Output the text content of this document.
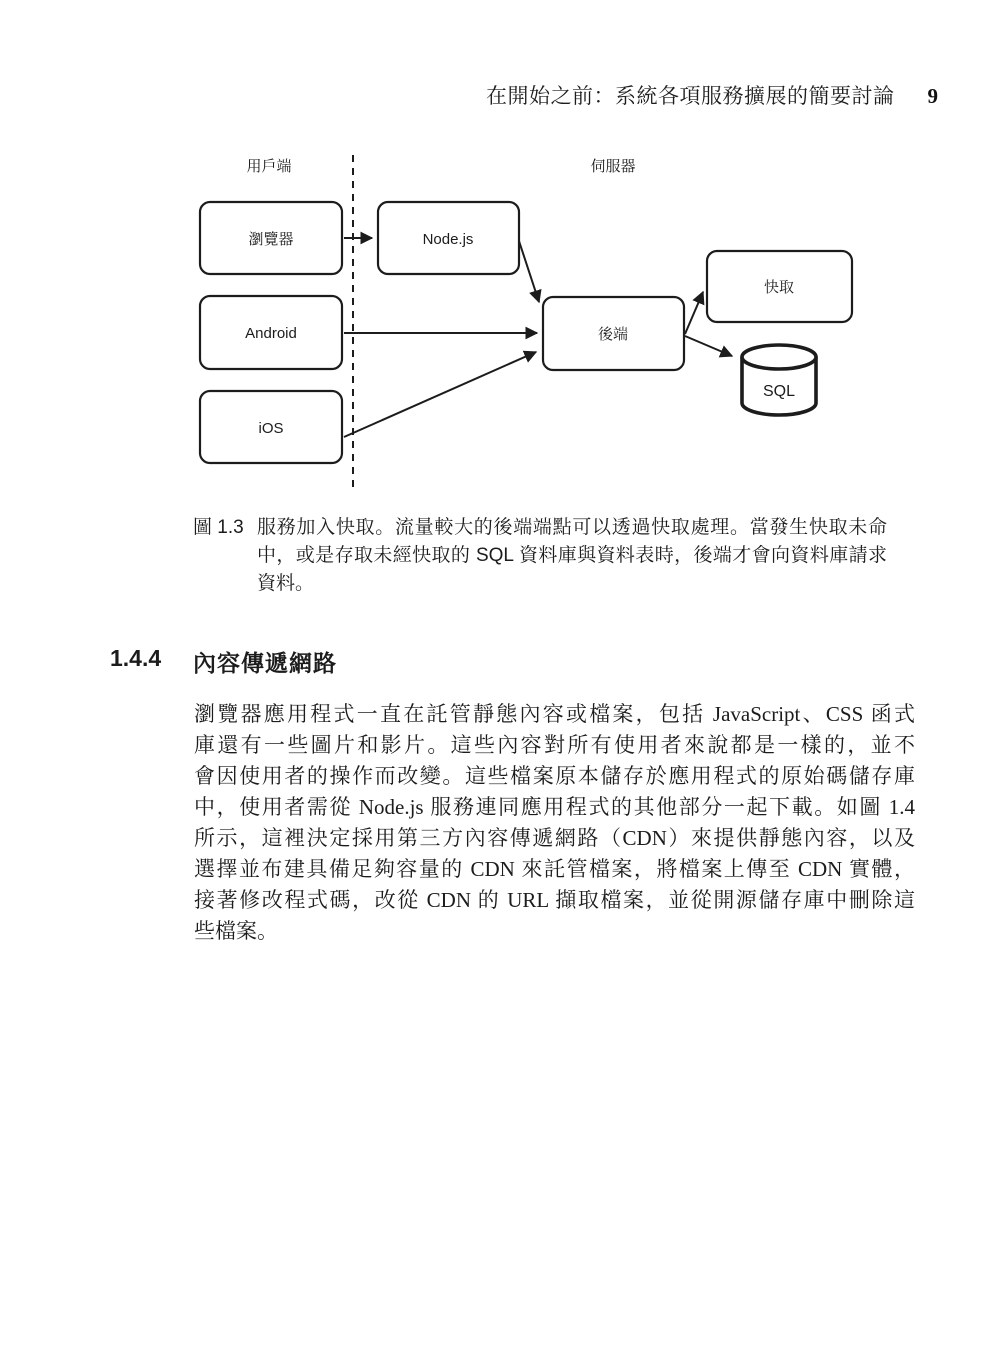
在開始之前：系統各項服務擴展的簡要討論 9
用戶端	伺服器
瀏覽器	Node.js
Android
iOS
後端
快取
SQL
圖 1.3 服務加入快取。流量較大的後端端點可以透過快取處理。當發生快取未命
中，或是存取未經快取的 SQL 資料庫與資料表時，後端才會向資料庫請求
資料。
1.4.4 內容傳遞網路
瀏覽器應用程式一直在託管靜態內容或檔案，包括 JavaScript、CSS 函式
庫還有一些圖片和影片。這些內容對所有使用者來說都是一樣的，並不
會因使用者的操作而改變。這些檔案原本儲存於應用程式的原始碼儲存庫
中，使用者需從 Node.js 服務連同應用程式的其他部分一起下載。如圖 1.4
所示，這裡決定採用第三方內容傳遞網路（CDN）來提供靜態內容，以及
選擇並布建具備足夠容量的 CDN 來託管檔案，將檔案上傳至 CDN 實體，
接著修改程式碼，改從 CDN 的 URL 擷取檔案，並從開源儲存庫中刪除這
些檔案。
